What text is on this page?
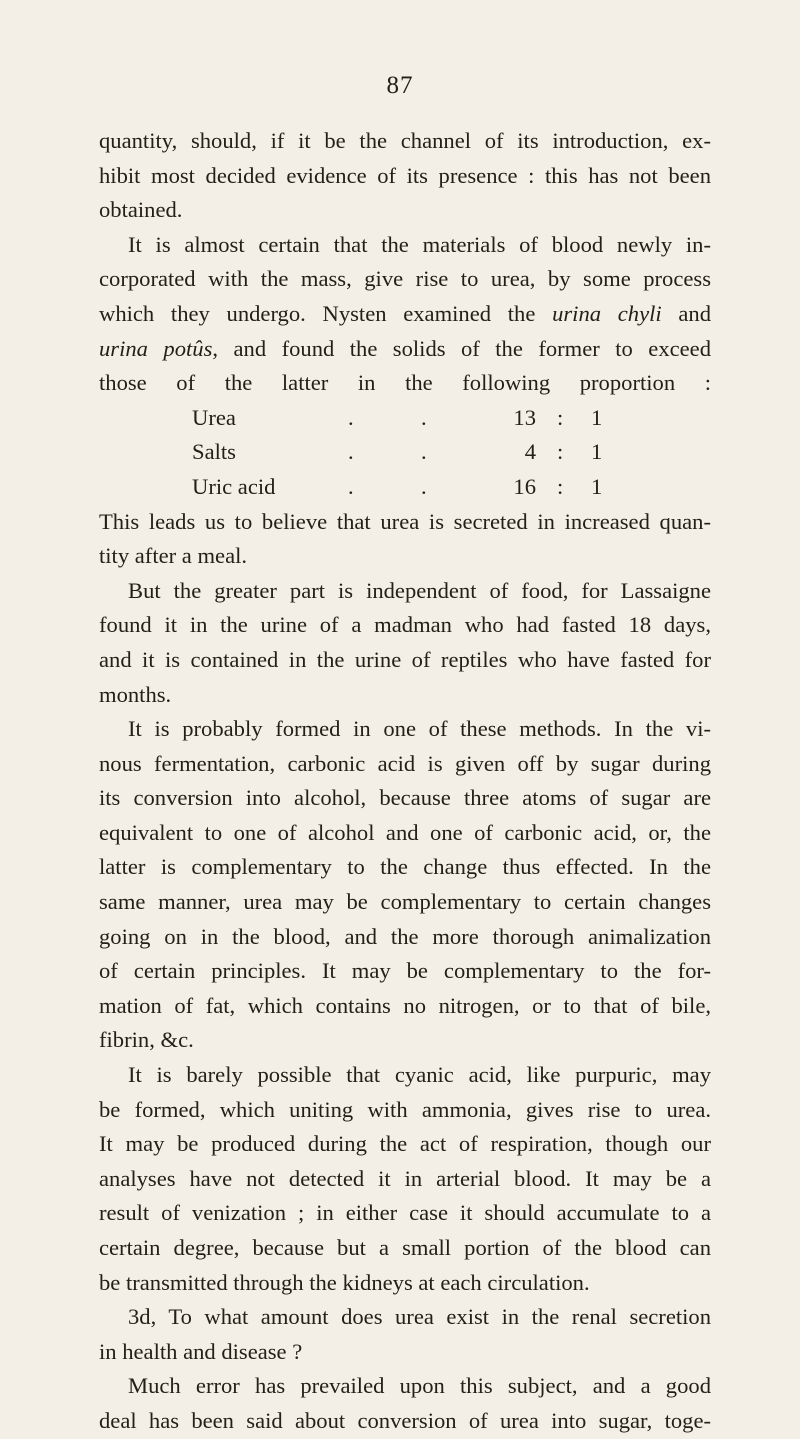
87
quantity, should, if it be the channel of its introduction, ex-
hibit most decided evidence of its presence : this has not been
obtained.
It is almost certain that the materials of blood newly in-
corporated with the mass, give rise to urea, by some process
which they undergo. Nysten examined the urina chyli and
urina potûs, and found the solids of the former to exceed
those of the latter in the following proportion :
Urea	.	.	13 : 1
Salts	.	.	4 : 1
Uric acid	.	.	16 : 1
This leads us to believe that urea is secreted in increased quan-
tity after a meal.
But the greater part is independent of food, for Lassaigne
found it in the urine of a madman who had fasted 18 days,
and it is contained in the urine of reptiles who have fasted for
months.
It is probably formed in one of these methods. In the vi-
nous fermentation, carbonic acid is given off by sugar during
its conversion into alcohol, because three atoms of sugar are
equivalent to one of alcohol and one of carbonic acid, or, the
latter is complementary to the change thus effected. In the
same manner, urea may be complementary to certain changes
going on in the blood, and the more thorough animalization
of certain principles. It may be complementary to the for-
mation of fat, which contains no nitrogen, or to that of bile,
fibrin, &c.
It is barely possible that cyanic acid, like purpuric, may
be formed, which uniting with ammonia, gives rise to urea.
It may be produced during the act of respiration, though our
analyses have not detected it in arterial blood. It may be a
result of venization ; in either case it should accumulate to a
certain degree, because but a small portion of the blood can
be transmitted through the kidneys at each circulation.
3d, To what amount does urea exist in the renal secretion
in health and disease ?
Much error has prevailed upon this subject, and a good
deal has been said about conversion of urea into sugar, toge-
